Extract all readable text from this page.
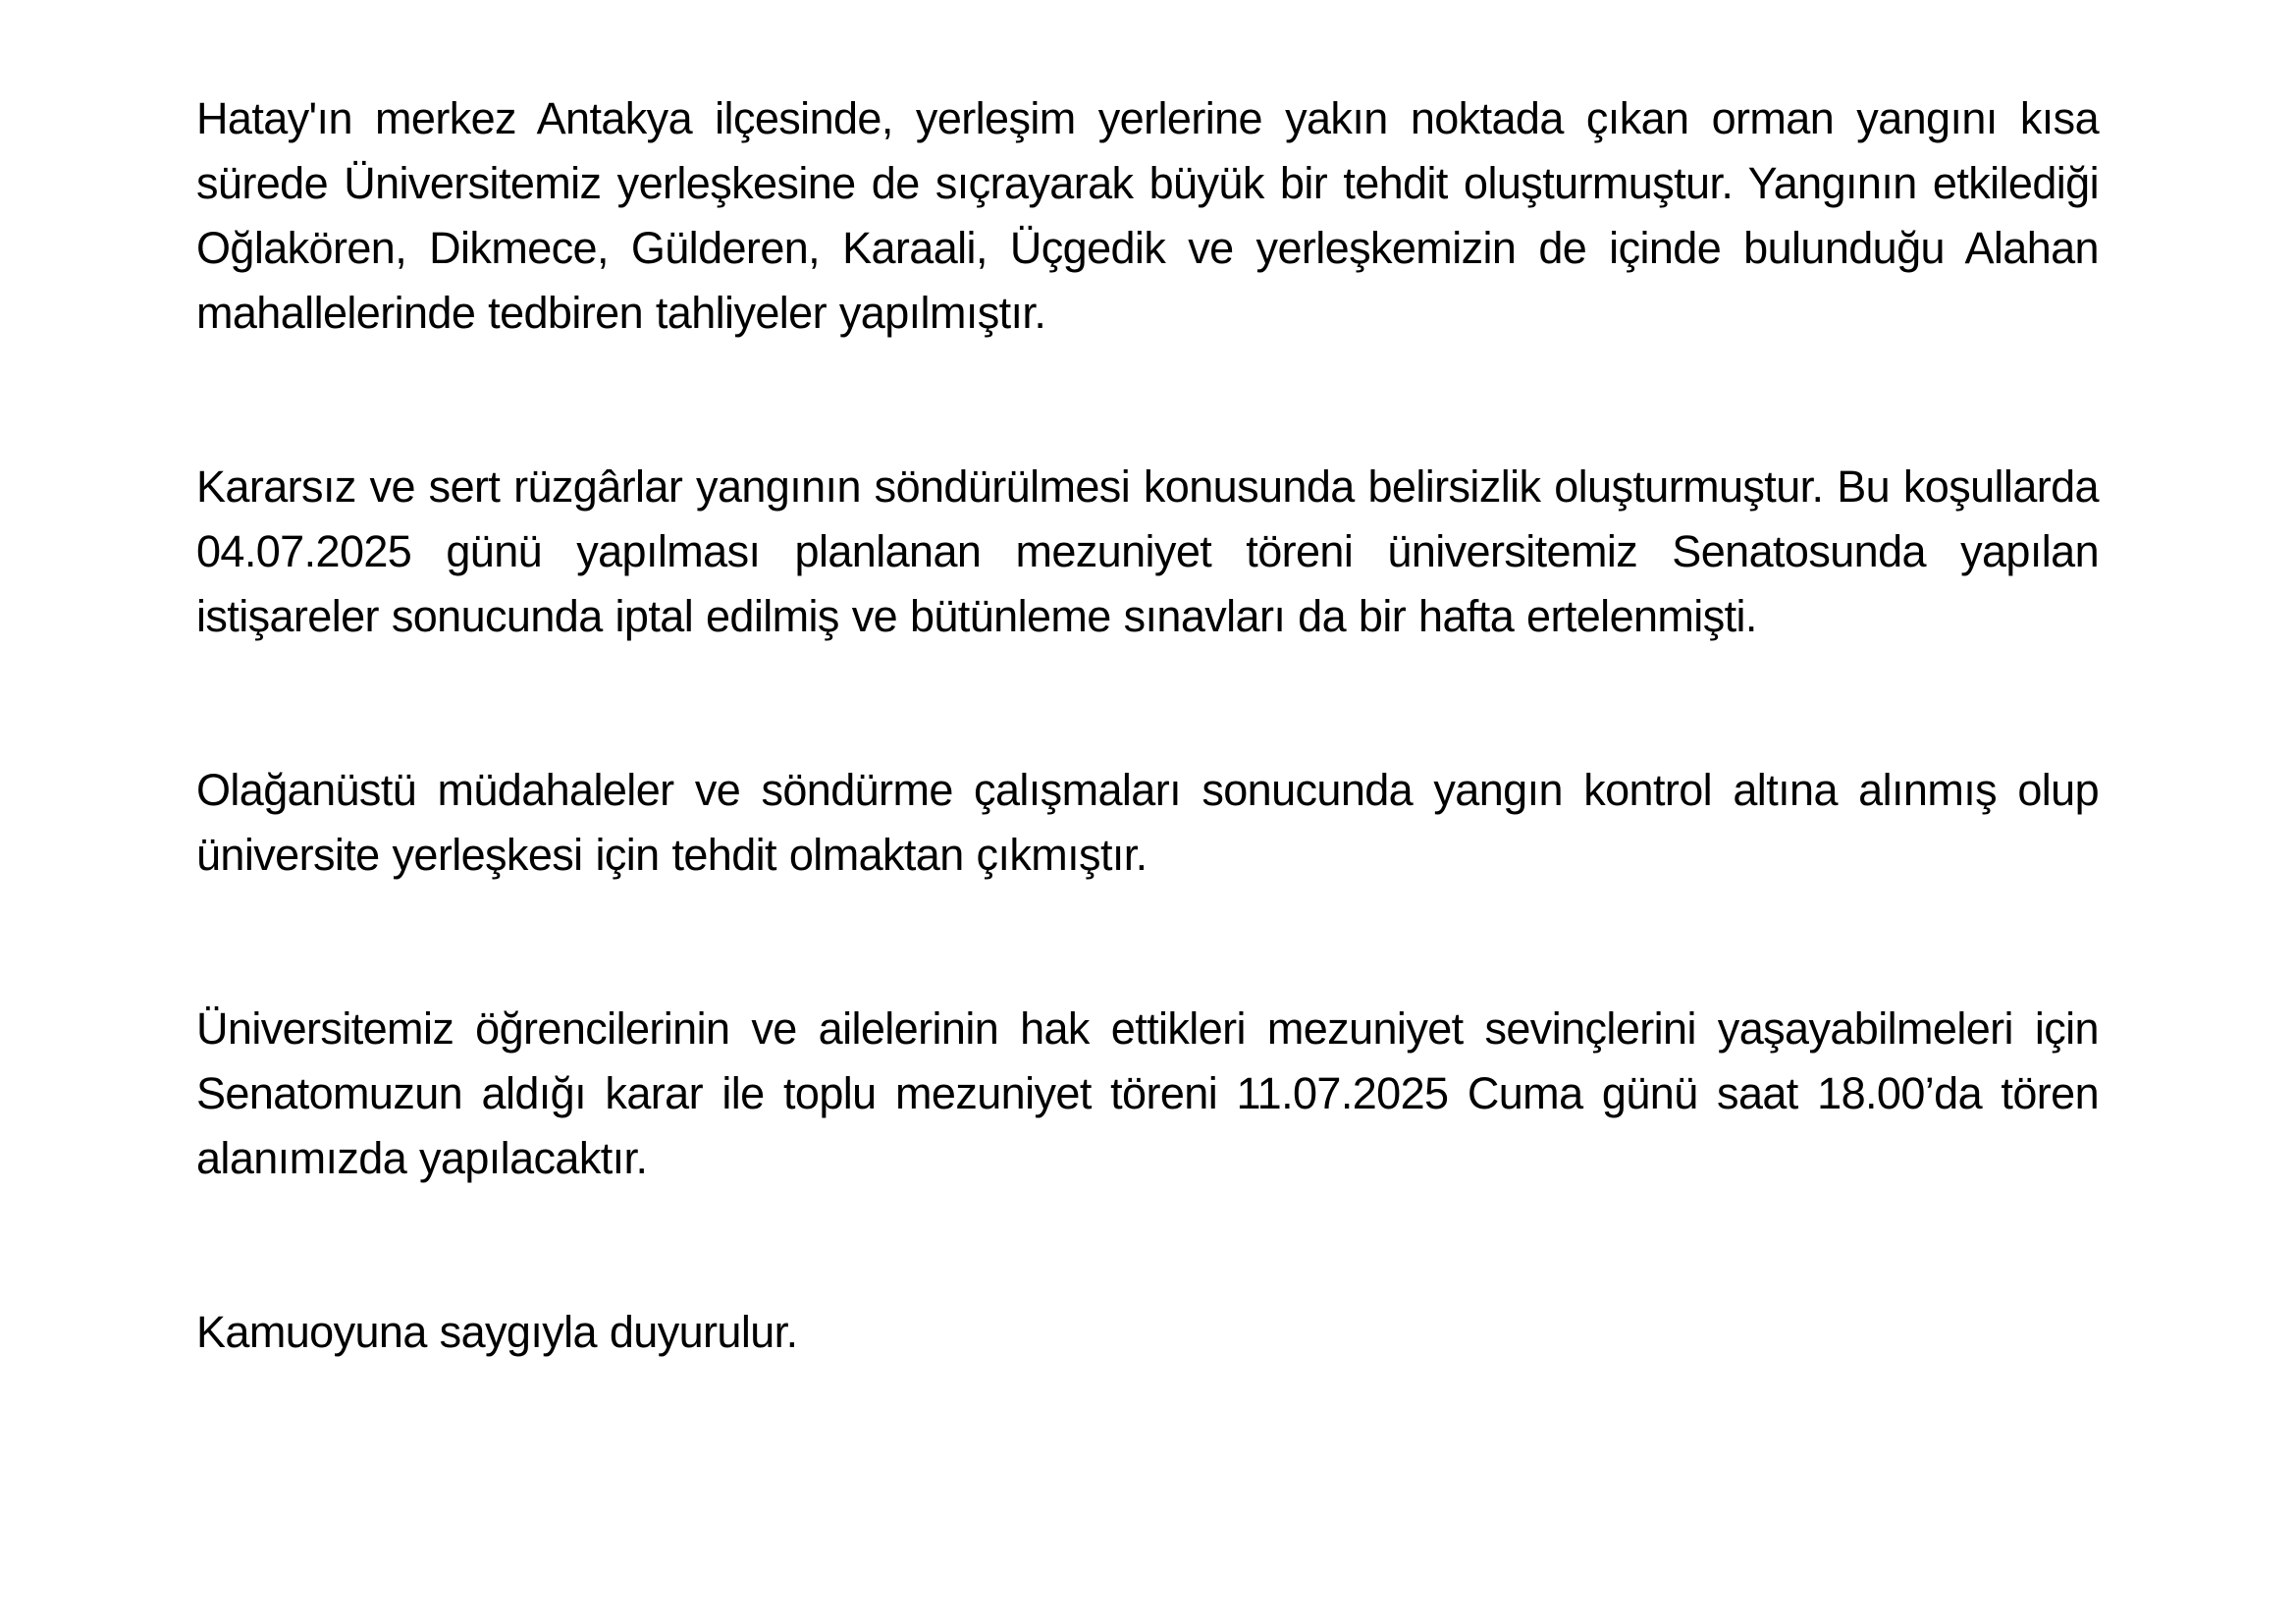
Hatay'ın merkez Antakya ilçesinde, yerleşim yerlerine yakın noktada çıkan orman yangını kısa sürede Üniversitemiz yerleşkesine de sıçrayarak büyük bir tehdit oluşturmuştur. Yangının etkilediği Oğlakören, Dikmece, Gülderen, Karaali, Üçgedik ve yerleşkemizin de içinde bulunduğu Alahan mahallelerinde tedbiren tahliyeler yapılmıştır.

Kararsız ve sert rüzgârlar yangının söndürülmesi konusunda belirsizlik oluşturmuştur. Bu koşullarda 04.07.2025 günü yapılması planlanan mezuniyet töreni üniversitemiz Senatosunda yapılan istişareler sonucunda iptal edilmiş ve bütünleme sınavları da bir hafta ertelenmişti.

Olağanüstü müdahaleler ve söndürme çalışmaları sonucunda yangın kontrol altına alınmış olup üniversite yerleşkesi için tehdit olmaktan çıkmıştır.

Üniversitemiz öğrencilerinin ve ailelerinin hak ettikleri mezuniyet sevinçlerini yaşayabilmeleri için Senatomuzun aldığı karar ile toplu mezuniyet töreni 11.07.2025 Cuma günü saat 18.00’da tören alanımızda yapılacaktır.

Kamuoyuna saygıyla duyurulur.
